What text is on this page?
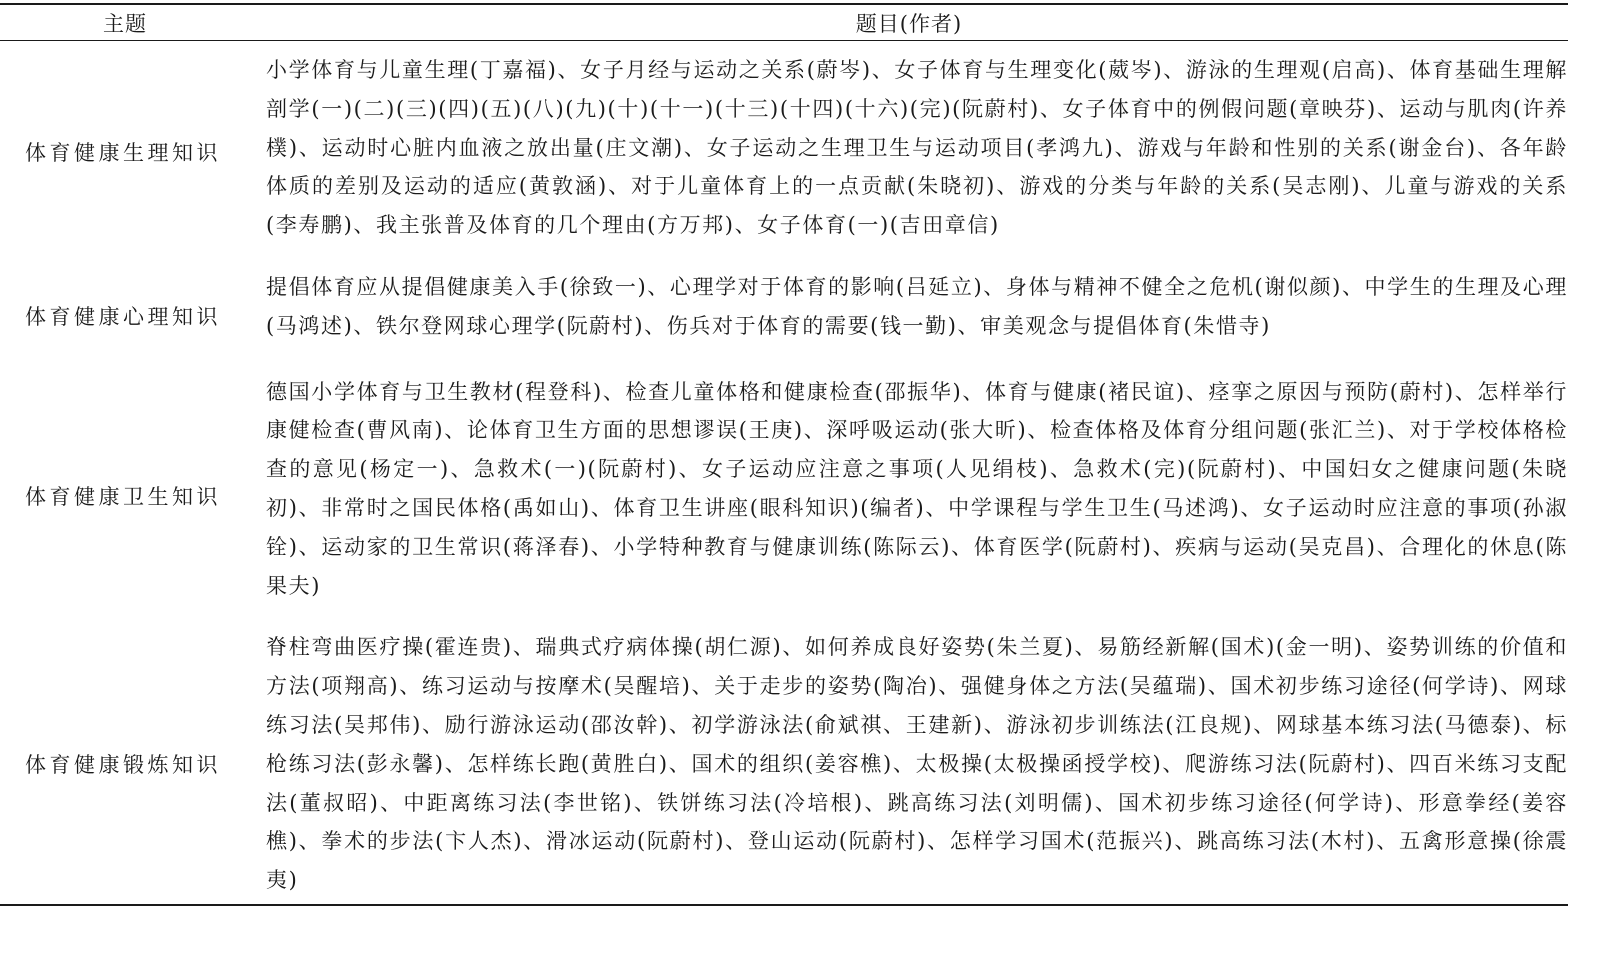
主题	题目(作者)
体育健康生理知识	小学体育与儿童生理(丁嘉福)、女子月经与运动之关系(蔚岑)、女子体育与生理变化(葳岑)、游泳的生理观(启高)、体育基础生理解剖学(一)(二)(三)(四)(五)(八)(九)(十)(十一)(十三)(十四)(十六)(完)(阮蔚村)、女子体育中的例假问题(章映芬)、运动与肌肉(许养樸)、运动时心脏内血液之放出量(庄文潮)、女子运动之生理卫生与运动项目(孝鸿九)、游戏与年龄和性别的关系(谢金台)、各年龄体质的差别及运动的适应(黄敦涵)、对于儿童体育上的一点贡献(朱晓初)、游戏的分类与年龄的关系(吴志刚)、儿童与游戏的关系(李寿鹏)、我主张普及体育的几个理由(方万邦)、女子体育(一)(吉田章信)
体育健康心理知识	提倡体育应从提倡健康美入手(徐致一)、心理学对于体育的影响(吕延立)、身体与精神不健全之危机(谢似颜)、中学生的生理及心理(马鸿述)、铁尔登网球心理学(阮蔚村)、伤兵对于体育的需要(钱一勤)、审美观念与提倡体育(朱惜寺)
体育健康卫生知识	德国小学体育与卫生教材(程登科)、检查儿童体格和健康检查(邵振华)、体育与健康(褚民谊)、痉挛之原因与预防(蔚村)、怎样举行康健检查(曹风南)、论体育卫生方面的思想谬误(王庚)、深呼吸运动(张大昕)、检查体格及体育分组问题(张汇兰)、对于学校体格检查的意见(杨定一)、急救术(一)(阮蔚村)、女子运动应注意之事项(人见绢枝)、急救术(完)(阮蔚村)、中国妇女之健康问题(朱晓初)、非常时之国民体格(禹如山)、体育卫生讲座(眼科知识)(编者)、中学课程与学生卫生(马述鸿)、女子运动时应注意的事项(孙淑铨)、运动家的卫生常识(蒋泽春)、小学特种教育与健康训练(陈际云)、体育医学(阮蔚村)、疾病与运动(吴克昌)、合理化的休息(陈果夫)
体育健康锻炼知识	脊柱弯曲医疗操(霍连贵)、瑞典式疗病体操(胡仁源)、如何养成良好姿势(朱兰夏)、易筋经新解(国术)(金一明)、姿势训练的价值和方法(项翔高)、练习运动与按摩术(吴醒培)、关于走步的姿势(陶冶)、强健身体之方法(吴蕴瑞)、国术初步练习途径(何学诗)、网球练习法(吴邦伟)、励行游泳运动(邵汝幹)、初学游泳法(俞斌祺、王建新)、游泳初步训练法(江良规)、网球基本练习法(马德泰)、标枪练习法(彭永馨)、怎样练长跑(黄胜白)、国术的组织(姜容樵)、太极操(太极操函授学校)、爬游练习法(阮蔚村)、四百米练习支配法(董叔昭)、中距离练习法(李世铭)、铁饼练习法(冷培根)、跳高练习法(刘明儒)、国术初步练习途径(何学诗)、形意拳经(姜容樵)、拳术的步法(卞人杰)、滑冰运动(阮蔚村)、登山运动(阮蔚村)、怎样学习国术(范振兴)、跳高练习法(木村)、五禽形意操(徐震夷)
